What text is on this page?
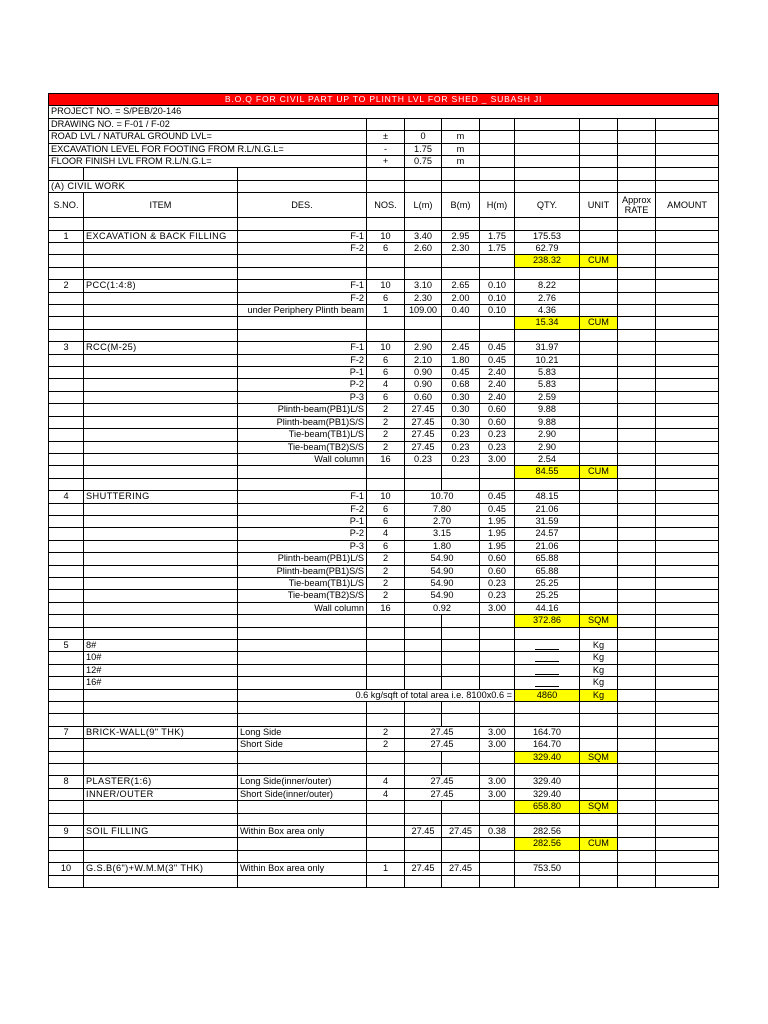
B.O.Q FOR CIVIL PART UP TO PLINTH LVL FOR SHED _ SUBASH JI										
PROJECT NO. = S/PEB/20-146										
DRAWING NO. = F-01 / F-02										
ROAD LVL / NATURAL GROUND LVL=			±	0	m					
EXCAVATION LEVEL FOR FOOTING FROM R.L/N.G.L=			-	1.75	m					
FLOOR FINISH LVL FROM R.L/N.G.L=			+	0.75	m					

(A) CIVIL WORK										
S.NO.	ITEM	DES.	NOS.	L(m)	B(m)	H(m)	QTY.	UNIT	Approx RATE	AMOUNT

1	EXCAVATION & BACK FILLING	F-1	10	3.40	2.95	1.75	175.53			
		F-2	6	2.60	2.30	1.75	62.79			
							238.32	CUM		

2	PCC(1:4:8)	F-1	10	3.10	2.65	0.10	8.22			
		F-2	6	2.30	2.00	0.10	2.76			
		under Periphery Plinth beam	1	109.00	0.40	0.10	4.36			
							15.34	CUM		

3	RCC(M-25)	F-1	10	2.90	2.45	0.45	31.97			
		F-2	6	2.10	1.80	0.45	10.21			
		P-1	6	0.90	0.45	2.40	5.83			
		P-2	4	0.90	0.68	2.40	5.83			
		P-3	6	0.60	0.30	2.40	2.59			
		Plinth-beam(PB1)L/S	2	27.45	0.30	0.60	9.88			
		Plinth-beam(PB1)S/S	2	27.45	0.30	0.60	9.88			
		Tie-beam(TB1)L/S	2	27.45	0.23	0.23	2.90			
		Tie-beam(TB2)S/S	2	27.45	0.23	0.23	2.90			
		Wall column	16	0.23	0.23	3.00	2.54			
							84.55	CUM		

4	SHUTTERING	F-1	10	10.70		0.45	48.15			
		F-2	6	7.80		0.45	21.06			
		P-1	6	2.70		1.95	31.59			
		P-2	4	3.15		1.95	24.57			
		P-3	6	1.80		1.95	21.06			
		Plinth-beam(PB1)L/S	2	54.90		0.60	65.88			
		Plinth-beam(PB1)S/S	2	54.90		0.60	65.88			
		Tie-beam(TB1)L/S	2	54.90		0.23	25.25			
		Tie-beam(TB2)S/S	2	54.90		0.23	25.25			
		Wall column	16	0.92		3.00	44.16			
							372.86	SQM		

5	8#							Kg		
	10#							Kg		
	12#							Kg		
	16#							Kg		
		0.6 kg/sqft of total area i.e. 8100x0.6 =					4860	Kg		

7	BRICK-WALL(9" THK)	Long Side	2	27.45		3.00	164.70			
		Short Side	2	27.45		3.00	164.70			
							329.40	SQM		

8	PLASTER(1:6)	Long Side(inner/outer)	4	27.45		3.00	329.40			
	INNER/OUTER	Short Side(inner/outer)	4	27.45		3.00	329.40			
							658.80	SQM		

9	SOIL FILLING	Within Box area only		27.45	27.45	0.38	282.56			
							282.56	CUM		

10	G.S.B(6")+W.M.M(3" THK)	Within Box area only	1	27.45	27.45		753.50			
